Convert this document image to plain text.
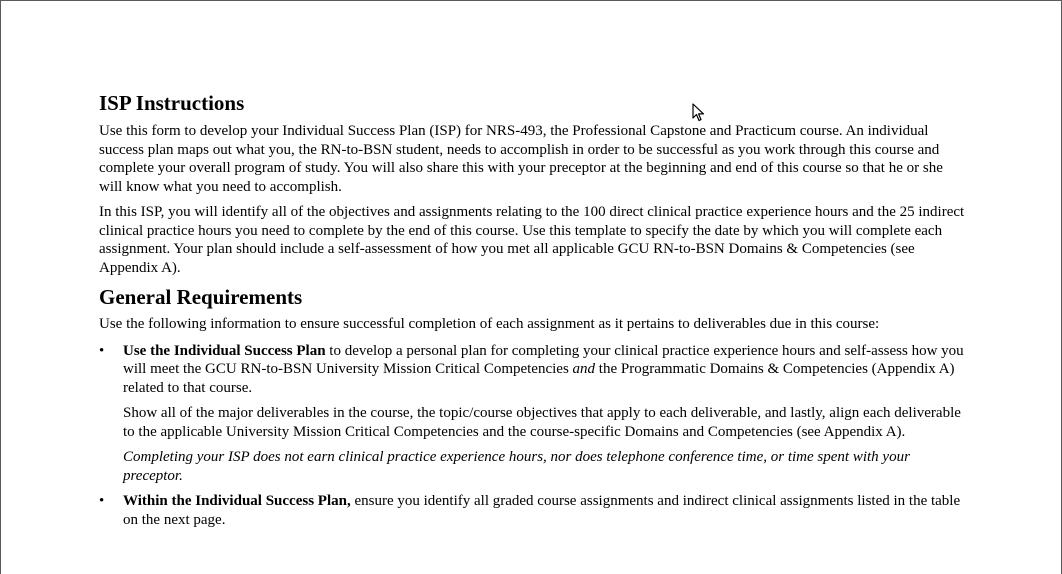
ISP Instructions

Use this form to develop your Individual Success Plan (ISP) for NRS-493, the Professional Capstone and Practicum course. An individual success plan maps out what you, the RN-to-BSN student, needs to accomplish in order to be successful as you work through this course and complete your overall program of study. You will also share this with your preceptor at the beginning and end of this course so that he or she will know what you need to accomplish.

In this ISP, you will identify all of the objectives and assignments relating to the 100 direct clinical practice experience hours and the 25 indirect clinical practice hours you need to complete by the end of this course. Use this template to specify the date by which you will complete each assignment. Your plan should include a self-assessment of how you met all applicable GCU RN-to-BSN Domains & Competencies (see Appendix A).

General Requirements

Use the following information to ensure successful completion of each assignment as it pertains to deliverables due in this course:

• Use the Individual Success Plan to develop a personal plan for completing your clinical practice experience hours and self-assess how you will meet the GCU RN-to-BSN University Mission Critical Competencies and the Programmatic Domains & Competencies (Appendix A) related to that course.
Show all of the major deliverables in the course, the topic/course objectives that apply to each deliverable, and lastly, align each deliverable to the applicable University Mission Critical Competencies and the course-specific Domains and Competencies (see Appendix A).
Completing your ISP does not earn clinical practice experience hours, nor does telephone conference time, or time spent with your preceptor.
• Within the Individual Success Plan, ensure you identify all graded course assignments and indirect clinical assignments listed in the table on the next page.
